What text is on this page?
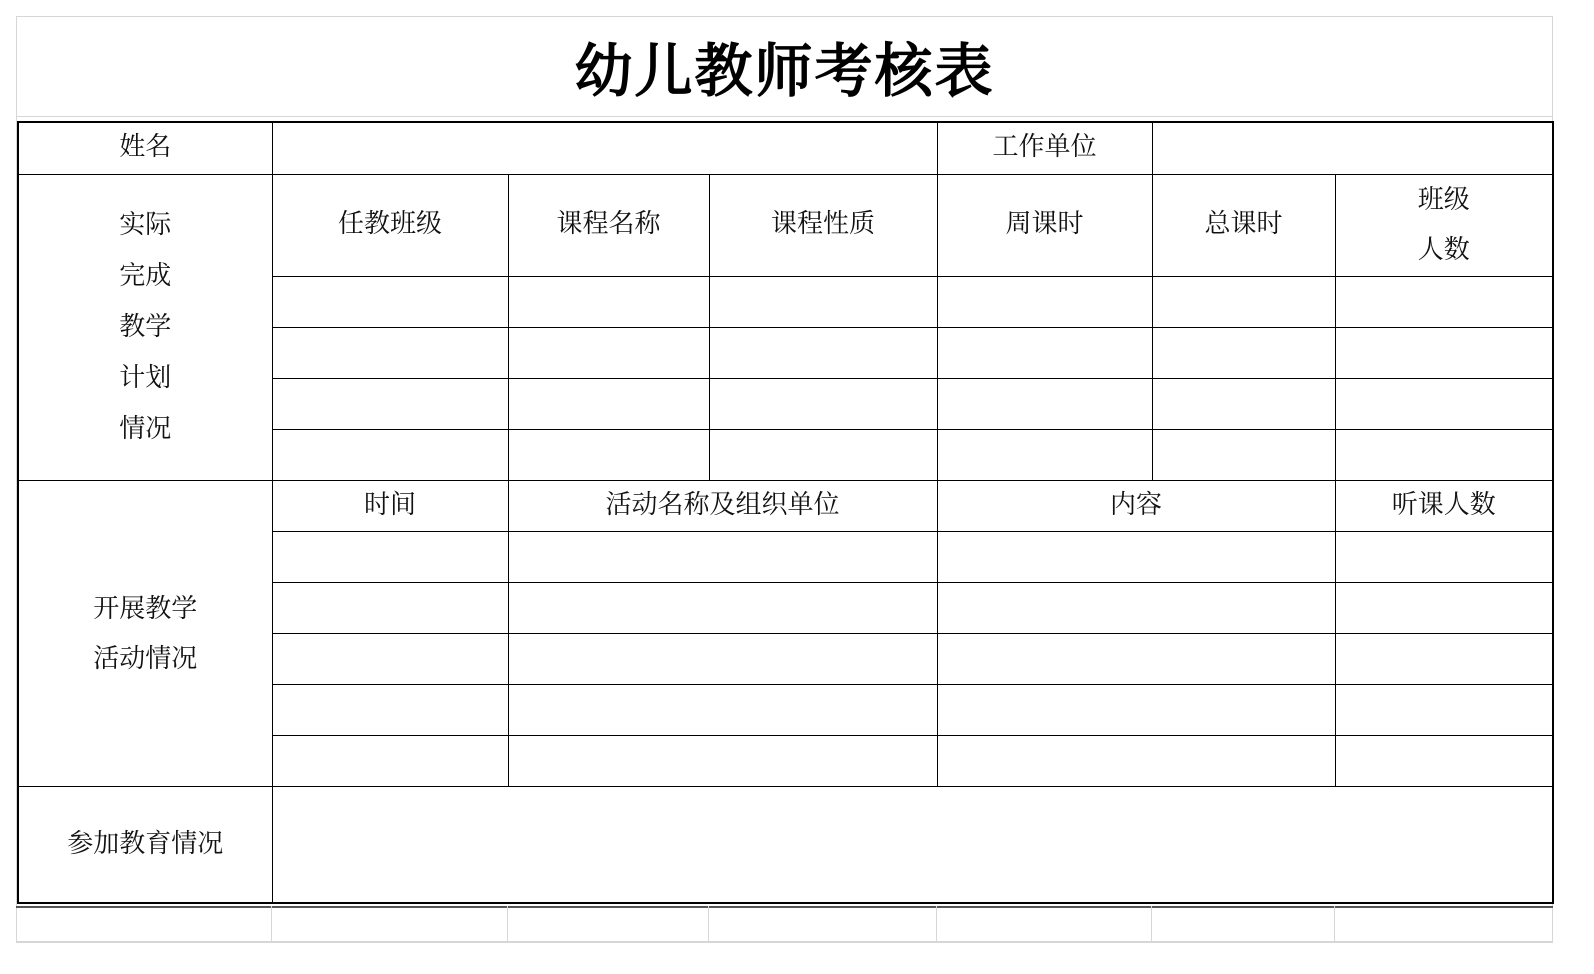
幼儿教师考核表
姓名				工作单位		

实际
完成
教学
计划
情况	任教班级	课程名称	课程性质	周课时	总课时	班级
人数

开展教学
活动情况	时间	活动名称及组织单位		内容		听课人数

参加教育情况						
